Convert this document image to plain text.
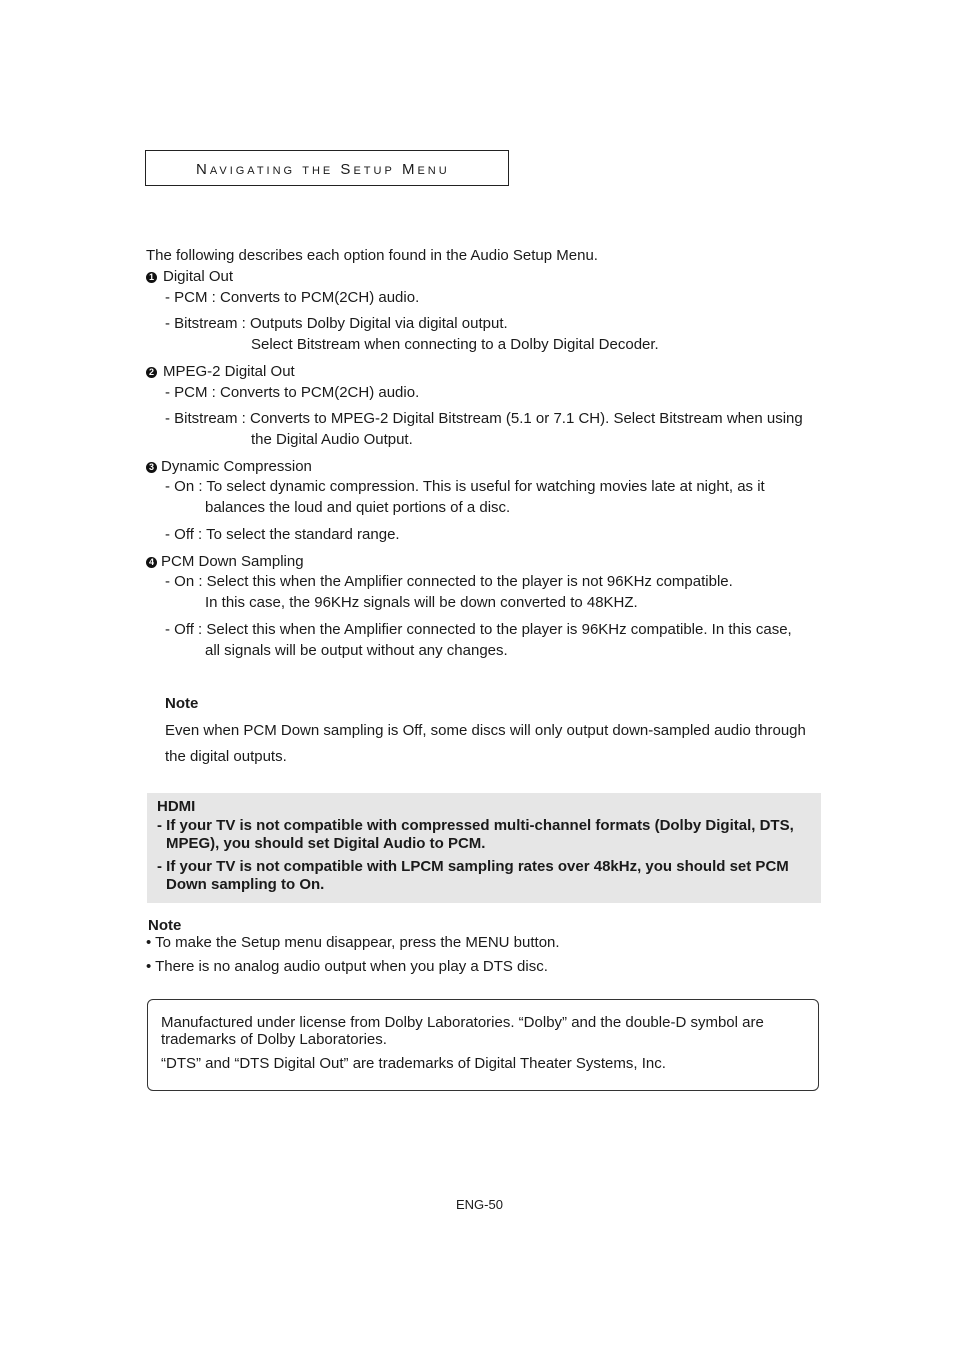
Navigating the Setup Menu
The following describes each option found in the Audio Setup Menu.
1 Digital Out
- PCM : Converts to PCM(2CH) audio.
- Bitstream : Outputs Dolby Digital via digital output.
Select Bitstream when connecting to a Dolby Digital Decoder.
2 MPEG-2 Digital Out
- PCM : Converts to PCM(2CH) audio.
- Bitstream : Converts to MPEG-2 Digital Bitstream (5.1 or 7.1 CH). Select Bitstream when using
the Digital Audio Output.
3 Dynamic Compression
- On : To select dynamic compression. This is useful for watching movies late at night, as it
balances the loud and quiet portions of a disc.
- Off : To select the standard range.
4 PCM Down Sampling
- On : Select this when the Amplifier connected to the player is not 96KHz compatible.
In this case, the 96KHz signals will be down converted to 48KHZ.
- Off : Select this when the Amplifier connected to the player is 96KHz compatible. In this case,
all signals will be output without any changes.
Note
Even when PCM Down sampling is Off, some discs will only output down-sampled audio through
the digital outputs.
HDMI
- If your TV is not compatible with compressed multi-channel formats (Dolby Digital, DTS,
MPEG), you should set Digital Audio to PCM.
- If your TV is not compatible with LPCM sampling rates over 48kHz, you should set PCM
Down sampling to On.
Note
• To make the Setup menu disappear, press the MENU button.
• There is no analog audio output when you play a DTS disc.
Manufactured under license from Dolby Laboratories. “Dolby” and the double-D symbol are
trademarks of Dolby Laboratories.
“DTS” and “DTS Digital Out” are trademarks of Digital Theater Systems, Inc.
ENG-50
